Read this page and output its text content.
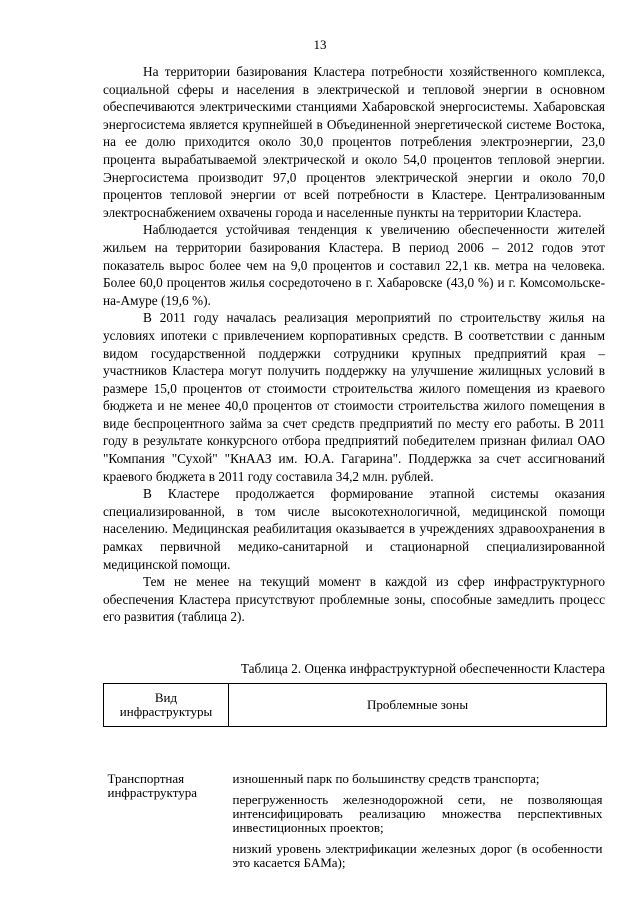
13

На территории базирования Кластера потребности хозяйственного комплекса, социальной сферы и населения в электрической и тепловой энергии в основном обеспечиваются электрическими станциями Хабаровской энергосистемы. Хабаровская энергосистема является крупнейшей в Объединенной энергетической системе Востока, на ее долю приходится около 30,0 процентов потребления электроэнергии, 23,0 процента вырабатываемой электрической и около 54,0 процентов тепловой энергии. Энергосистема производит 97,0 процентов электрической энергии и около 70,0 процентов тепловой энергии от всей потребности в Кластере. Централизованным электроснабжением охвачены города и населенные пункты на территории Кластера.

Наблюдается устойчивая тенденция к увеличению обеспеченности жителей жильем на территории базирования Кластера. В период 2006 – 2012 годов этот показатель вырос более чем на 9,0 процентов и составил 22,1 кв. метра на человека. Более 60,0 процентов жилья сосредоточено в г. Хабаровске (43,0 %) и г. Комсомольске-на-Амуре (19,6 %).

В 2011 году началась реализация мероприятий по строительству жилья на условиях ипотеки с привлечением корпоративных средств. В соответствии с данным видом государственной поддержки сотрудники крупных предприятий края – участников Кластера могут получить поддержку на улучшение жилищных условий в размере 15,0 процентов от стоимости строительства жилого помещения из краевого бюджета и не менее 40,0 процентов от стоимости строительства жилого помещения в виде беспроцентного займа за счет средств предприятий по месту его работы. В 2011 году в результате конкурсного отбора предприятий победителем признан филиал ОАО "Компания "Сухой" "КнААЗ им. Ю.А. Гагарина". Поддержка за счет ассигнований краевого бюджета в 2011 году составила 34,2 млн. рублей.

В Кластере продолжается формирование этапной системы оказания специализированной, в том числе высокотехнологичной, медицинской помощи населению. Медицинская реабилитация оказывается в учреждениях здравоохранения в рамках первичной медико-санитарной и стационарной специализированной медицинской помощи.

Тем не менее на текущий момент в каждой из сфер инфраструктурного обеспечения Кластера присутствуют проблемные зоны, способные замедлить процесс его развития (таблица 2).

Таблица 2. Оценка инфраструктурной обеспеченности Кластера
Вид инфраструктуры	Проблемные зоны
Транспортная инфраструктура	изношенный парк по большинству средств транспорта;
перегруженность железнодорожной сети, не позволяющая интенсифицировать реализацию множества перспективных инвестиционных проектов;
низкий уровень электрификации железных дорог (в особенности это касается БАМа);
